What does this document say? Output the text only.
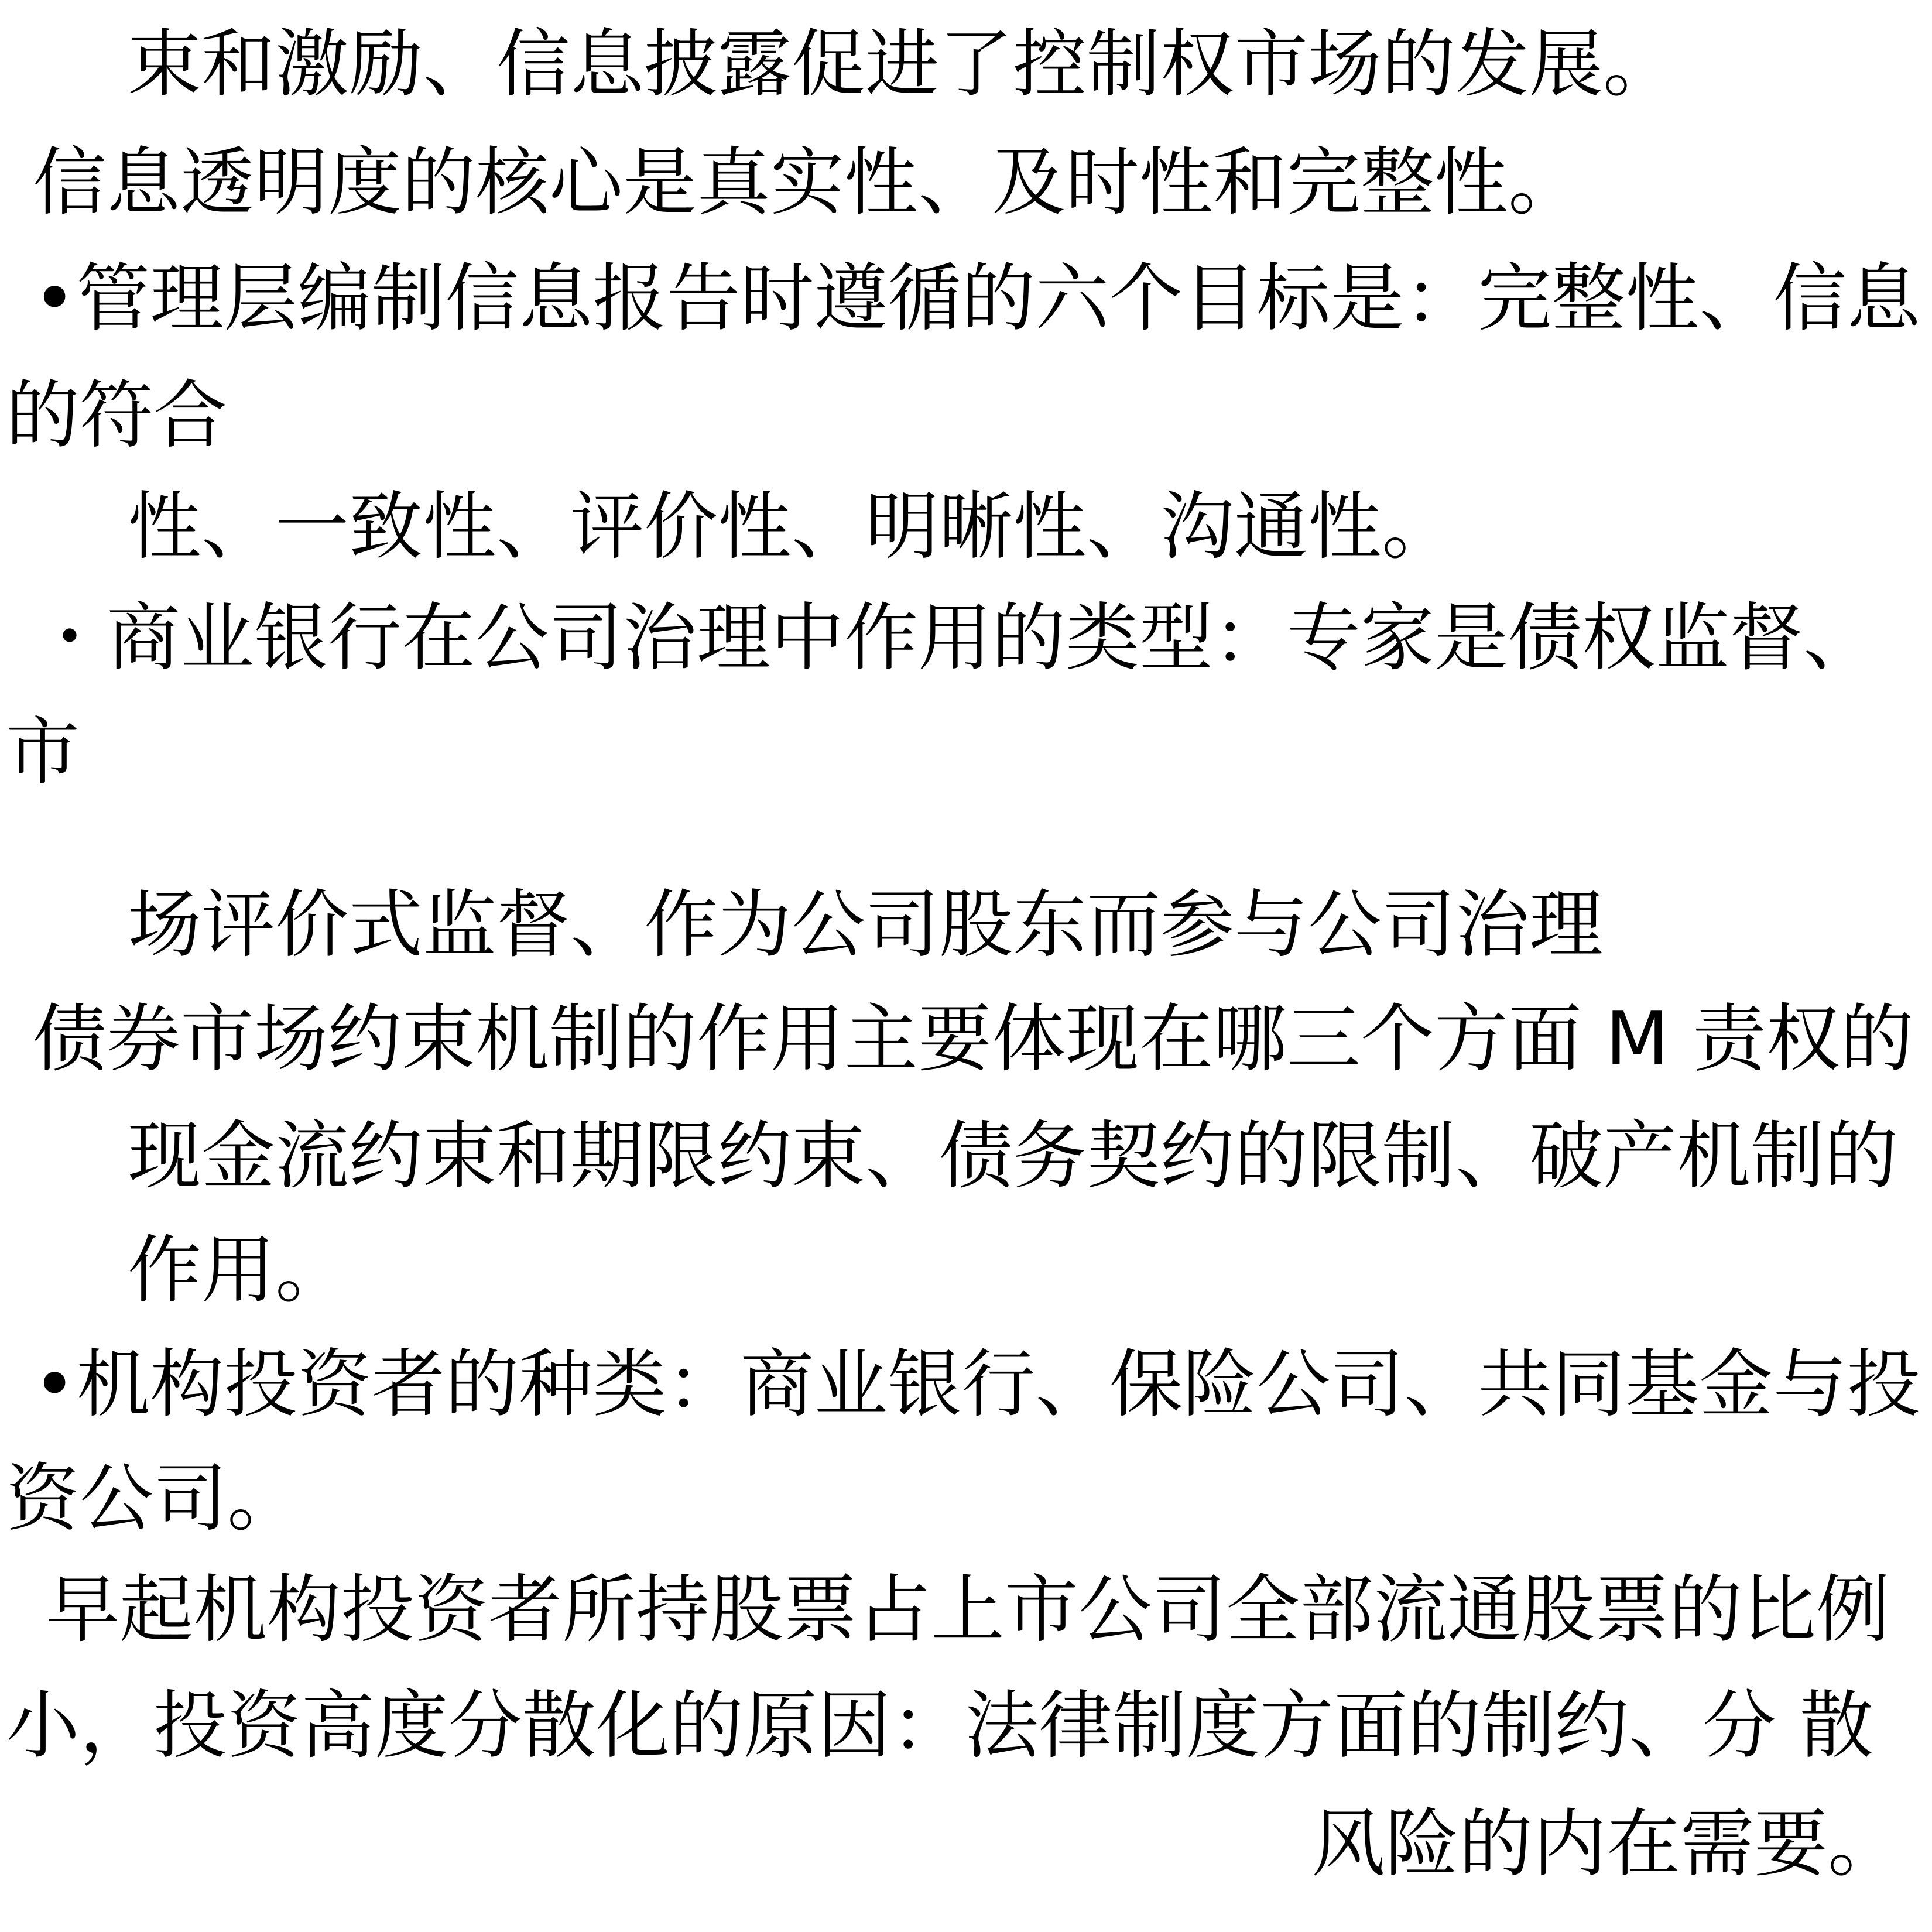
束和激励、信息披露促进了控制权市场的发展。

信息透明度的核心是真实性、及时性和完整性。

•管理层编制信息报告时遵循的六个目标是：完整性、信息

的符合

性、一致性、评价性、明晰性、沟通性。

・商业银行在公司治理中作用的类型：专家是债权监督、

市

场评价式监督、作为公司股东而参与公司治理

债券市场约束机制的作用主要体现在哪三个方面 M 责权的

现金流约束和期限约束、债务契约的限制、破产机制的

作用。

•机构投资者的种类：商业银行、保险公司、共同基金与投

资公司。

早起机构投资者所持股票占上市公司全部流通股票的比例

小，投资高度分散化的原因：法律制度方面的制约、分 散

风险的内在需要。
